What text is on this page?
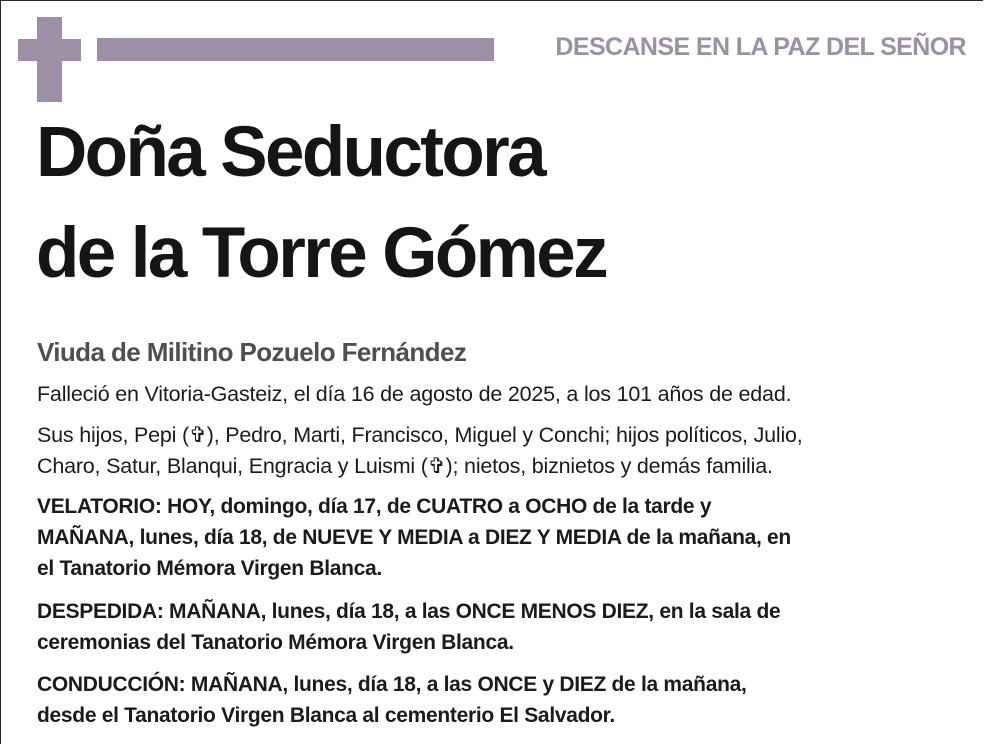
DESCANSE EN LA PAZ DEL SEÑOR
Doña Seductora
de la Torre Gómez
Viuda de Militino Pozuelo Fernández
Falleció en Vitoria-Gasteiz, el día 16 de agosto de 2025, a los 101 años de edad.
Sus hijos, Pepi (✞), Pedro, Marti, Francisco, Miguel y Conchi; hijos políticos, Julio,
Charo, Satur, Blanqui, Engracia y Luismi (✞); nietos, biznietos y demás familia.
VELATORIO: HOY, domingo, día 17, de CUATRO a OCHO de la tarde y
MAÑANA, lunes, día 18, de NUEVE Y MEDIA a DIEZ Y MEDIA de la mañana, en
el Tanatorio Mémora Virgen Blanca.
DESPEDIDA: MAÑANA, lunes, día 18, a las ONCE MENOS DIEZ, en la sala de
ceremonias del Tanatorio Mémora Virgen Blanca.
CONDUCCIÓN: MAÑANA, lunes, día 18, a las ONCE y DIEZ de la mañana,
desde el Tanatorio Virgen Blanca al cementerio El Salvador.
